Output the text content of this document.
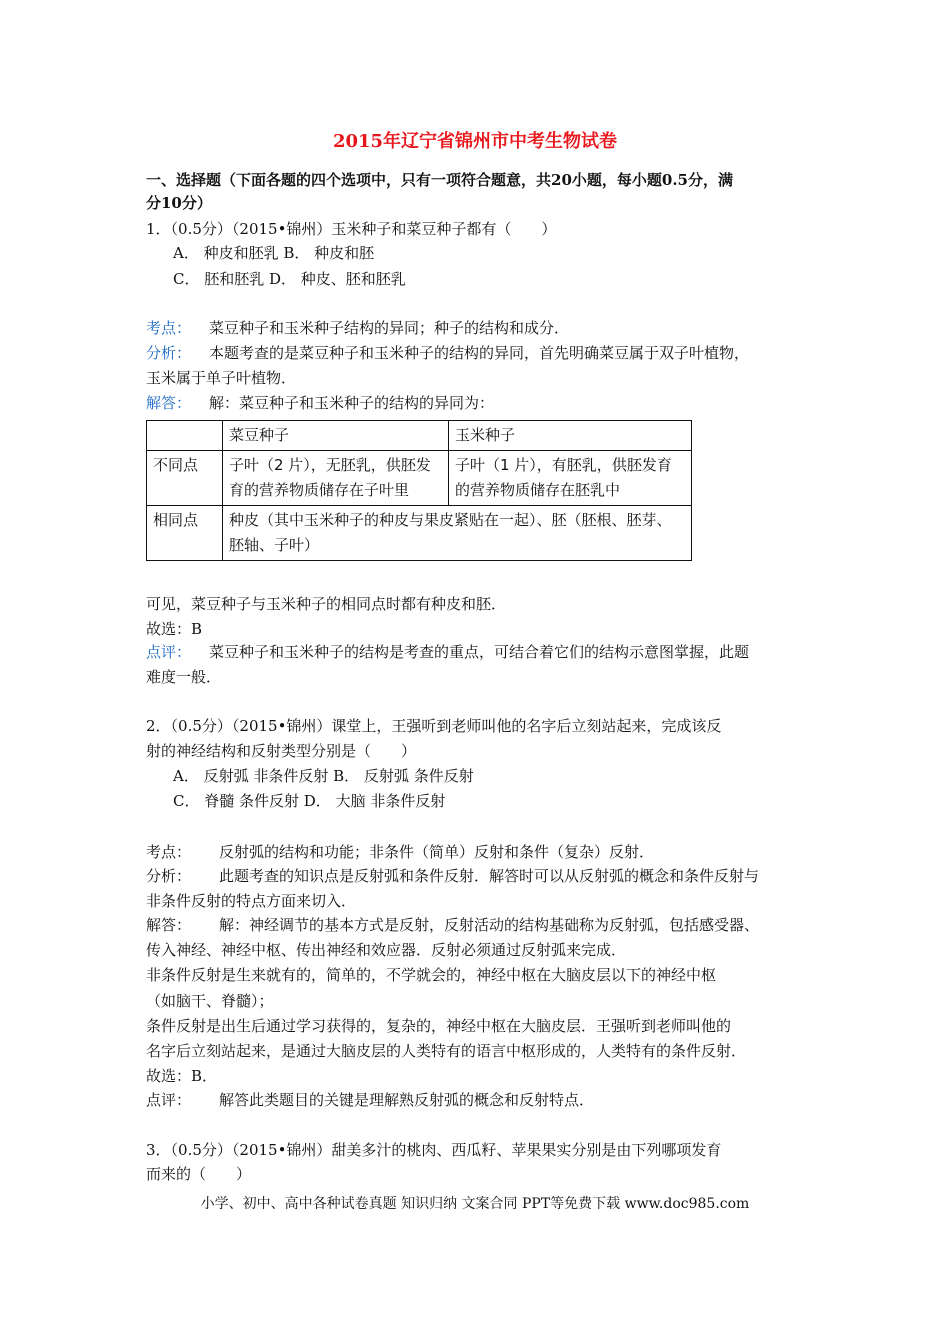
2015年辽宁省锦州市中考生物试卷
一、选择题（下面各题的四个选项中，只有一项符合题意，共20小题，每小题0.5分，满
分10分）
1．（0.5分）（2015•锦州）玉米种子和菜豆种子都有（　　）
A． 种皮和胚乳 B． 种皮和胚
C． 胚和胚乳 D． 种皮、胚和胚乳
考点： 菜豆种子和玉米种子结构的异同；种子的结构和成分．
分析： 本题考查的是菜豆种子和玉米种子的结构的异同，首先明确菜豆属于双子叶植物，
玉米属于单子叶植物．
解答： 解：菜豆种子和玉米种子的结构的异同为：
	菜豆种子	玉米种子
不同点	子叶（2 片），无胚乳，供胚发育的营养物质储存在子叶里	子叶（1 片），有胚乳，供胚发育的营养物质储存在胚乳中
相同点	种皮（其中玉米种子的种皮与果皮紧贴在一起）、胚（胚根、胚芽、胚轴、子叶）	
可见，菜豆种子与玉米种子的相同点时都有种皮和胚．
故选：B
点评： 菜豆种子和玉米种子的结构是考查的重点，可结合着它们的结构示意图掌握，此题
难度一般．
2．（0.5分）（2015•锦州）课堂上，王强听到老师叫他的名字后立刻站起来，完成该反
射的神经结构和反射类型分别是（　　）
A． 反射弧 非条件反射 B． 反射弧 条件反射
C． 脊髓 条件反射 D． 大脑 非条件反射
考点： 反射弧的结构和功能；非条件（简单）反射和条件（复杂）反射．
分析： 此题考查的知识点是反射弧和条件反射．解答时可以从反射弧的概念和条件反射与
非条件反射的特点方面来切入．
解答： 解：神经调节的基本方式是反射，反射活动的结构基础称为反射弧，包括感受器、
传入神经、神经中枢、传出神经和效应器．反射必须通过反射弧来完成．
非条件反射是生来就有的，简单的，不学就会的，神经中枢在大脑皮层以下的神经中枢
（如脑干、脊髓）；
条件反射是出生后通过学习获得的，复杂的，神经中枢在大脑皮层．王强听到老师叫他的
名字后立刻站起来，是通过大脑皮层的人类特有的语言中枢形成的，人类特有的条件反射．
故选：B．
点评： 解答此类题目的关键是理解熟反射弧的概念和反射特点．
3．（0.5分）（2015•锦州）甜美多汁的桃肉、西瓜籽、苹果果实分别是由下列哪项发育
而来的（　　）
小学、初中、高中各种试卷真题 知识归纳 文案合同 PPT等免费下载 www.doc985.com
